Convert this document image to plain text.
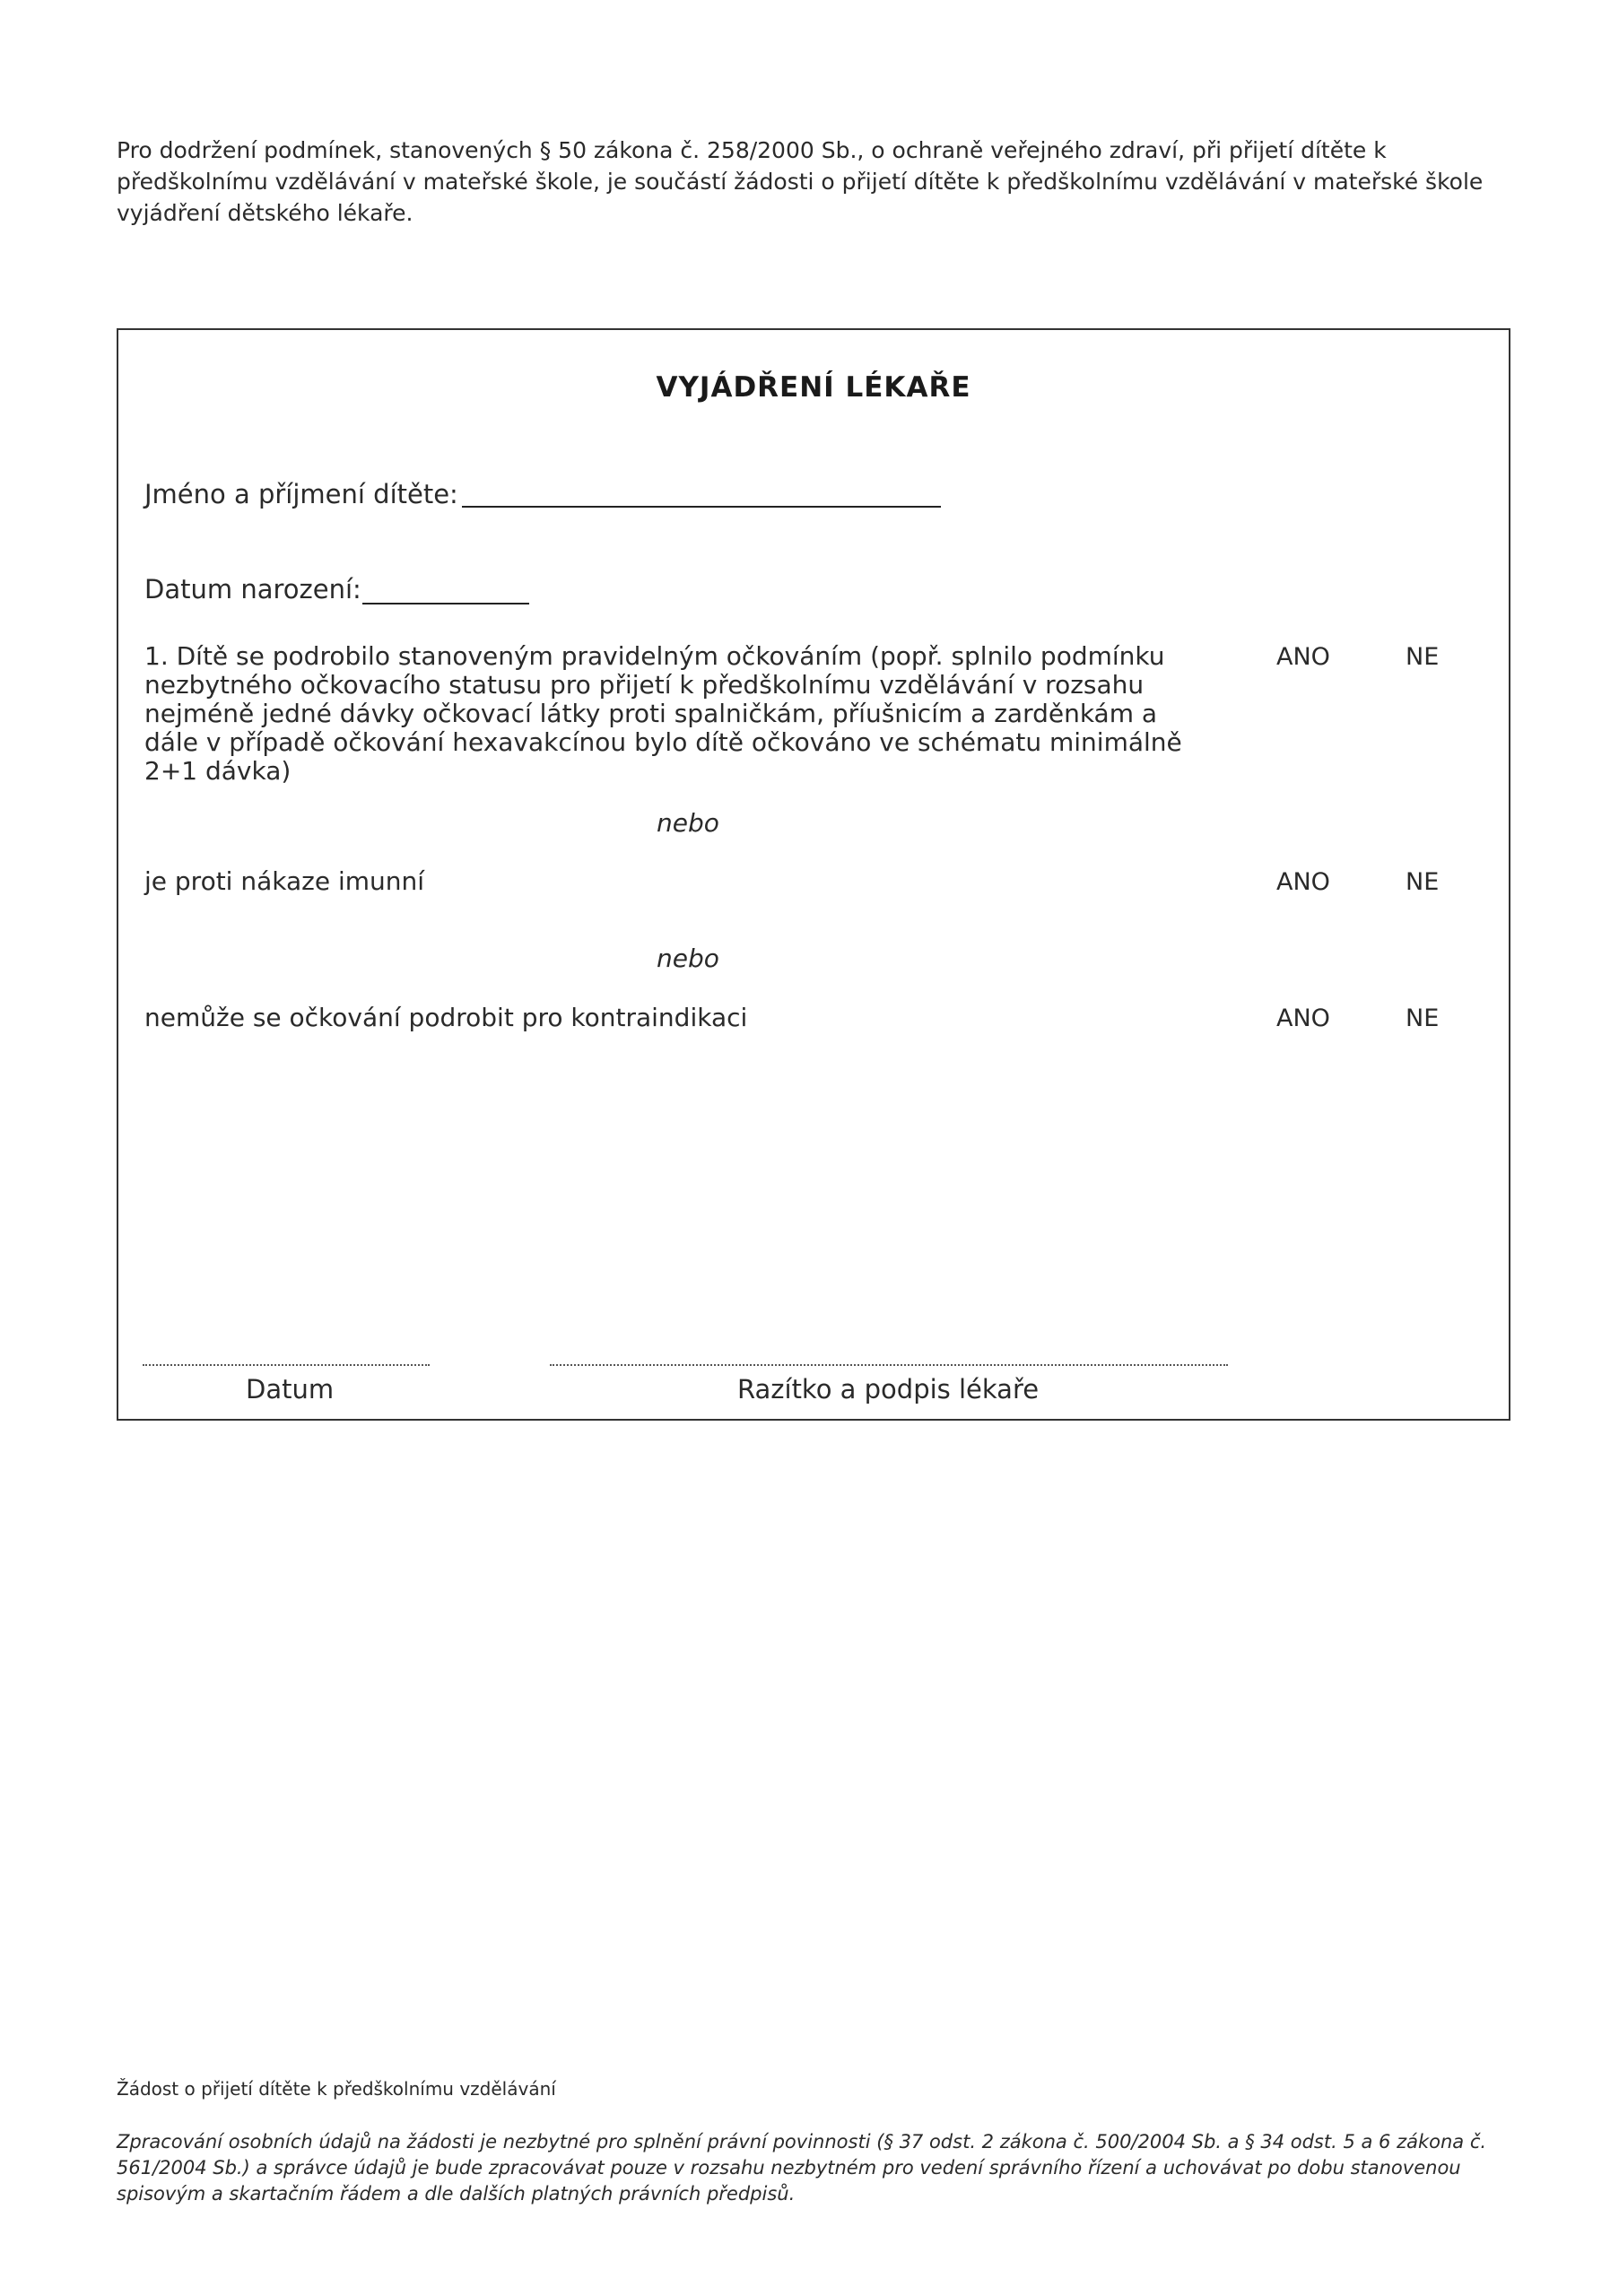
Pro dodržení podmínek, stanovených § 50 zákona č. 258/2000 Sb., o ochraně veřejného zdraví, při přijetí dítěte k předškolnímu vzdělávání v mateřské škole, je součástí žádosti o přijetí dítěte k předškolnímu vzdělávání v mateřské škole vyjádření dětského lékaře.
VYJÁDŘENÍ LÉKAŘE
Jméno a příjmení dítěte:
Datum narození:
1. Dítě se podrobilo stanoveným pravidelným očkováním (popř. splnilo podmínku nezbytného očkovacího statusu pro přijetí k předškolnímu vzdělávání v rozsahu nejméně jedné dávky očkovací látky proti spalničkám, příušnicím a zarděnkám a dále v případě očkování hexavakcínou bylo dítě očkováno ve schématu minimálně 2+1 dávka)
ANO	NE
nebo
je proti nákaze imunní	ANO	NE
nebo
nemůže se očkování podrobit pro kontraindikaci	ANO	NE
Datum	Razítko a podpis lékaře
Žádost o přijetí dítěte k předškolnímu vzdělávání
Zpracování osobních údajů na žádosti je nezbytné pro splnění právní povinnosti (§ 37 odst. 2 zákona č. 500/2004 Sb. a § 34 odst. 5 a 6 zákona č. 561/2004 Sb.) a správce údajů je bude zpracovávat pouze v rozsahu nezbytném pro vedení správního řízení a uchovávat po dobu stanovenou spisovým a skartačním řádem a dle dalších platných právních předpisů.
